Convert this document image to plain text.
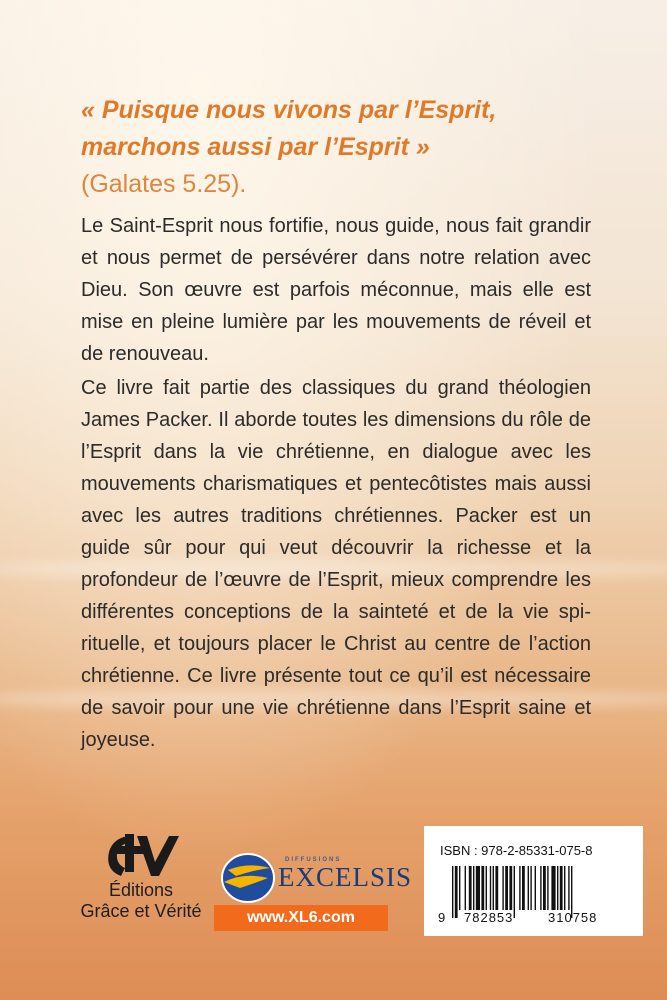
« Puisque nous vivons par l’Esprit,
marchons aussi par l’Esprit »
(Galates 5.25).

Le Saint-Esprit nous fortifie, nous guide, nous fait grandir et nous permet de persévérer dans notre relation avec Dieu. Son œuvre est parfois méconnue, mais elle est mise en pleine lumière par les mouvements de réveil et de renouveau.

Ce livre fait partie des classiques du grand théologien James Packer. Il aborde toutes les dimensions du rôle de l’Esprit dans la vie chrétienne, en dialogue avec les mouvements charismatiques et pentecôtistes mais aussi avec les autres traditions chrétiennes. Packer est un guide sûr pour qui veut découvrir la richesse et la profondeur de l’œuvre de l’Esprit, mieux comprendre les différentes conceptions de la sainteté et de la vie spirituelle, et toujours placer le Christ au centre de l’action chrétienne. Ce livre présente tout ce qu’il est nécessaire de savoir pour une vie chrétienne dans l’Esprit saine et joyeuse.

Éditions
Grâce et Vérité
DIFFUSIONS
EXCELSIS
www.XL6.com
ISBN : 978-2-85331-075-8
9 782853	310758
